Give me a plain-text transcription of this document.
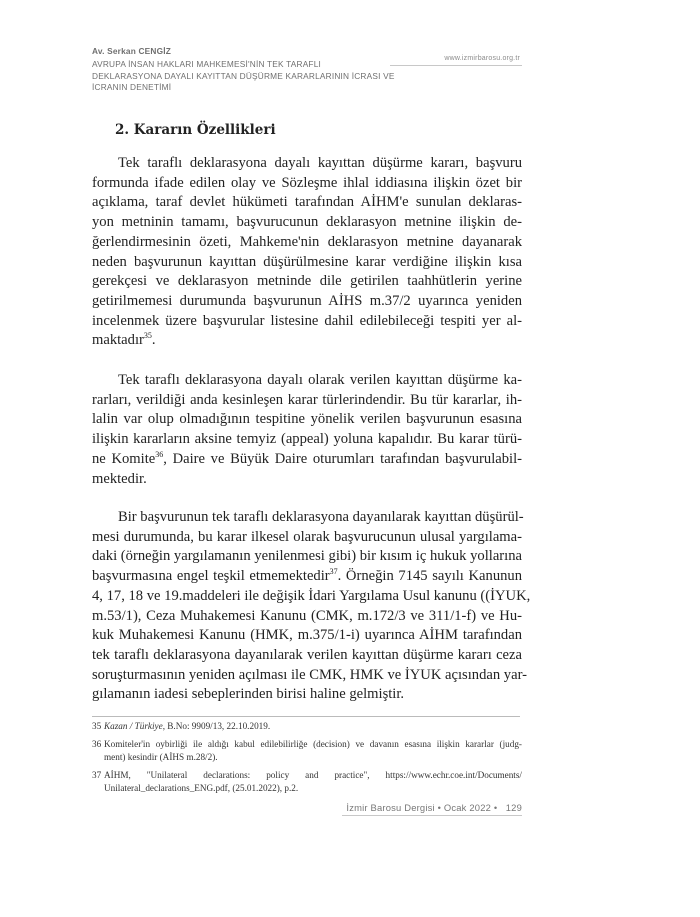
Av. Serkan CENGİZ
AVRUPA İNSAN HAKLARI MAHKEMESİ'NİN TEK TARAFLI
DEKLARASYONA DAYALI KAYITTAN DÜŞÜRME KARARLARININ İCRASI VE
İCRANIN DENETİMİ
www.izmirbarosu.org.tr
2. Kararın Özellikleri
Tek taraflı deklarasyona dayalı kayıttan düşürme kararı, başvuru
formunda ifade edilen olay ve Sözleşme ihlal iddiasına ilişkin özet bir
açıklama, taraf devlet hükümeti tarafından AİHM'e sunulan deklaras-
yon metninin tamamı, başvurucunun deklarasyon metnine ilişkin de-
ğerlendirmesinin özeti, Mahkeme'nin deklarasyon metnine dayanarak
neden başvurunun kayıttan düşürülmesine karar verdiğine ilişkin kısa
gerekçesi ve deklarasyon metninde dile getirilen taahhütlerin yerine
getirilmemesi durumunda başvurunun AİHS m.37/2 uyarınca yeniden
incelenmek üzere başvurular listesine dahil edilebileceği tespiti yer al-
maktadır$^{35}$.
Tek taraflı deklarasyona dayalı olarak verilen kayıttan düşürme ka-
rarları, verildiği anda kesinleşen karar türlerindendir. Bu tür kararlar, ih-
lalin var olup olmadığının tespitine yönelik verilen başvurunun esasına
ilişkin kararların aksine temyiz (appeal) yoluna kapalıdır. Bu karar türü-
ne Komite$^{36}$, Daire ve Büyük Daire oturumları tarafından başvurulabil-
mektedir.
Bir başvurunun tek taraflı deklarasyona dayanılarak kayıttan düşürül-
mesi durumunda, bu karar ilkesel olarak başvurucunun ulusal yargılama-
daki (örneğin yargılamanın yenilenmesi gibi) bir kısım iç hukuk yollarına
başvurmasına engel teşkil etmemektedir$^{37}$. Örneğin 7145 sayılı Kanunun
4, 17, 18 ve 19.maddeleri ile değişik İdari Yargılama Usul kanunu ((İYUK,
m.53/1), Ceza Muhakemesi Kanunu (CMK, m.172/3 ve 311/1-f) ve Hu-
kuk Muhakemesi Kanunu (HMK, m.375/1-i) uyarınca AİHM tarafından
tek taraflı deklarasyona dayanılarak verilen kayıttan düşürme kararı ceza
soruşturmasının yeniden açılması ile CMK, HMK ve İYUK açısından yar-
gılamanın iadesi sebeplerinden birisi haline gelmiştir.
35 Kazan / Türkiye, B.No: 9909/13, 22.10.2019.
36 Komiteler'in oybirliği ile aldığı kabul edilebilirliğe (decision) ve davanın esasına ilişkin kararlar (judg-
ment) kesindir (AİHS m.28/2).
37 AİHM, "Unilateral declarations: policy and practice", https://www.echr.coe.int/Documents/
Unilateral_declarations_ENG.pdf, (25.01.2022), p.2.
İzmir Barosu Dergisi • Ocak 2022 • 129
